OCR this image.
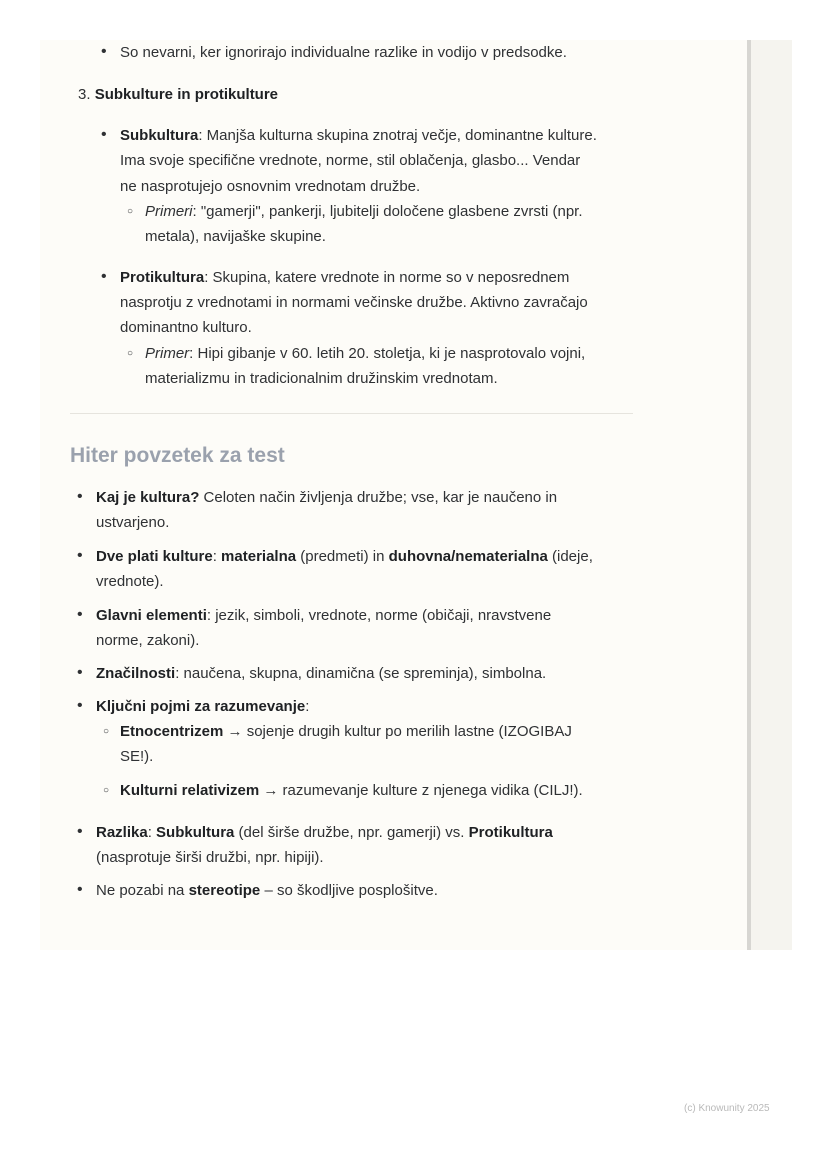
• So nevarni, ker ignorirajo individualne razlike in vodijo v predsodke.
3. Subkulture in protikulture
• Subkultura: Manjša kulturna skupina znotraj večje, dominantne kulture.
Ima svoje specifične vrednote, norme, stil oblačenja, glasbo... Vendar
ne nasprotujejo osnovnim vrednotam družbe.
○ Primeri: "gamerji", pankerji, ljubitelji določene glasbene zvrsti (npr.
metala), navijaške skupine.
• Protikultura: Skupina, katere vrednote in norme so v neposrednem
nasprotju z vrednotami in normami večinske družbe. Aktivno zavračajo
dominantno kulturo.
○ Primer: Hipi gibanje v 60. letih 20. stoletja, ki je nasprotovalo vojni,
materializmu in tradicionalnim družinskim vrednotam.
Hiter povzetek za test
• Kaj je kultura? Celoten način življenja družbe; vse, kar je naučeno in
ustvarjeno.
• Dve plati kulture: materialna (predmeti) in duhovna/nematerialna (ideje,
vrednote).
• Glavni elementi: jezik, simboli, vrednote, norme (običaji, nravstvene
norme, zakoni).
• Značilnosti: naučena, skupna, dinamična (se spreminja), simbolna.
• Ključni pojmi za razumevanje:
○ Etnocentrizem → sojenje drugih kultur po merilih lastne (IZOGIBAJ
SE!).
○ Kulturni relativizem → razumevanje kulture z njenega vidika (CILJ!).
• Razlika: Subkultura (del širše družbe, npr. gamerji) vs. Protikultura
(nasprotuje širši družbi, npr. hipiji).
• Ne pozabi na stereotipe – so škodljive posplošitve.
(c) Knowunity 2025
